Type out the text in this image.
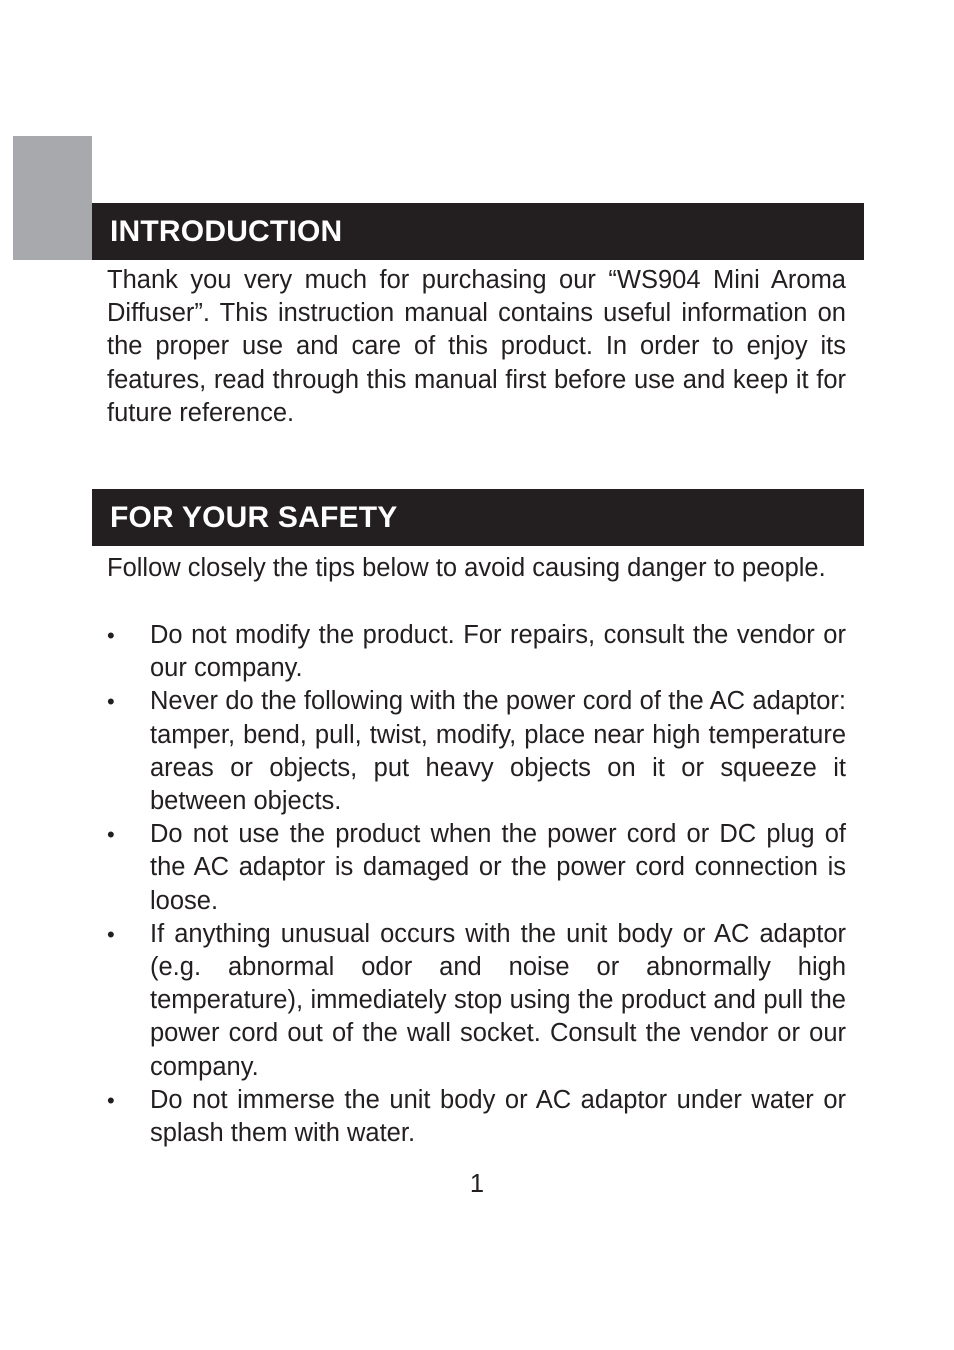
EN
INTRODUCTION

Thank you very much for purchasing our “WS904 Mini Aroma Diffuser”. This instruction manual contains useful information on the proper use and care of this product. In order to enjoy its features, read through this manual first before use and keep it for future reference.

FOR YOUR SAFETY

Follow closely the tips below to avoid causing danger to people.

• Do not modify the product. For repairs, consult the vendor or our company.
• Never do the following with the power cord of the AC adaptor: tamper, bend, pull, twist, modify, place near high temperature areas or objects, put heavy objects on it or squeeze it between objects.
• Do not use the product when the power cord or DC plug of the AC adaptor is damaged or the power cord connection is loose.
• If anything unusual occurs with the unit body or AC adaptor (e.g. abnormal odor and noise or abnormally high temperature), immediately stop using the product and pull the power cord out of the wall socket. Consult the vendor or our company.
• Do not immerse the unit body or AC adaptor under water or splash them with water.
1
